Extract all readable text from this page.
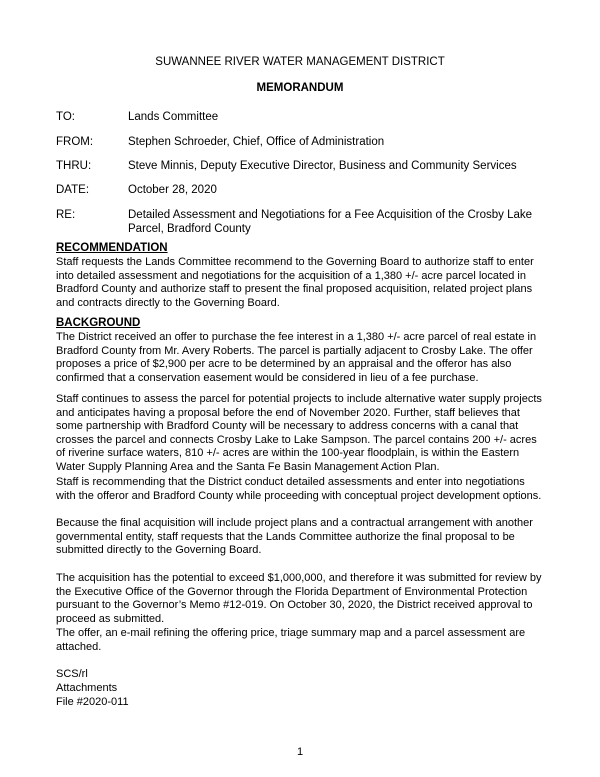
SUWANNEE RIVER WATER MANAGEMENT DISTRICT
MEMORANDUM
TO:	Lands Committee
FROM:	Stephen Schroeder, Chief, Office of Administration
THRU:	Steve Minnis, Deputy Executive Director, Business and Community Services
DATE:	October 28, 2020
RE:	Detailed Assessment and Negotiations for a Fee Acquisition of the Crosby Lake Parcel, Bradford County
RECOMMENDATION
Staff requests the Lands Committee recommend to the Governing Board to authorize staff to enter into detailed assessment and negotiations for the acquisition of a 1,380 +/- acre parcel located in Bradford County and authorize staff to present the final proposed acquisition, related project plans and contracts directly to the Governing Board.
BACKGROUND
The District received an offer to purchase the fee interest in a 1,380 +/- acre parcel of real estate in Bradford County from Mr. Avery Roberts. The parcel is partially adjacent to Crosby Lake. The offer proposes a price of $2,900 per acre to be determined by an appraisal and the offeror has also confirmed that a conservation easement would be considered in lieu of a fee purchase.
Staff continues to assess the parcel for potential projects to include alternative water supply projects and anticipates having a proposal before the end of November 2020. Further, staff believes that some partnership with Bradford County will be necessary to address concerns with a canal that crosses the parcel and connects Crosby Lake to Lake Sampson. The parcel contains 200 +/- acres of riverine surface waters, 810 +/- acres are within the 100-year floodplain, is within the Eastern Water Supply Planning Area and the Santa Fe Basin Management Action Plan.
Staff is recommending that the District conduct detailed assessments and enter into negotiations with the offeror and Bradford County while proceeding with conceptual project development options.
Because the final acquisition will include project plans and a contractual arrangement with another governmental entity, staff requests that the Lands Committee authorize the final proposal to be submitted directly to the Governing Board.
The acquisition has the potential to exceed $1,000,000, and therefore it was submitted for review by the Executive Office of the Governor through the Florida Department of Environmental Protection pursuant to the Governor’s Memo #12-019. On October 30, 2020, the District received approval to proceed as submitted.
The offer, an e-mail refining the offering price, triage summary map and a parcel assessment are attached.
SCS/rl
Attachments
File #2020-011
1
